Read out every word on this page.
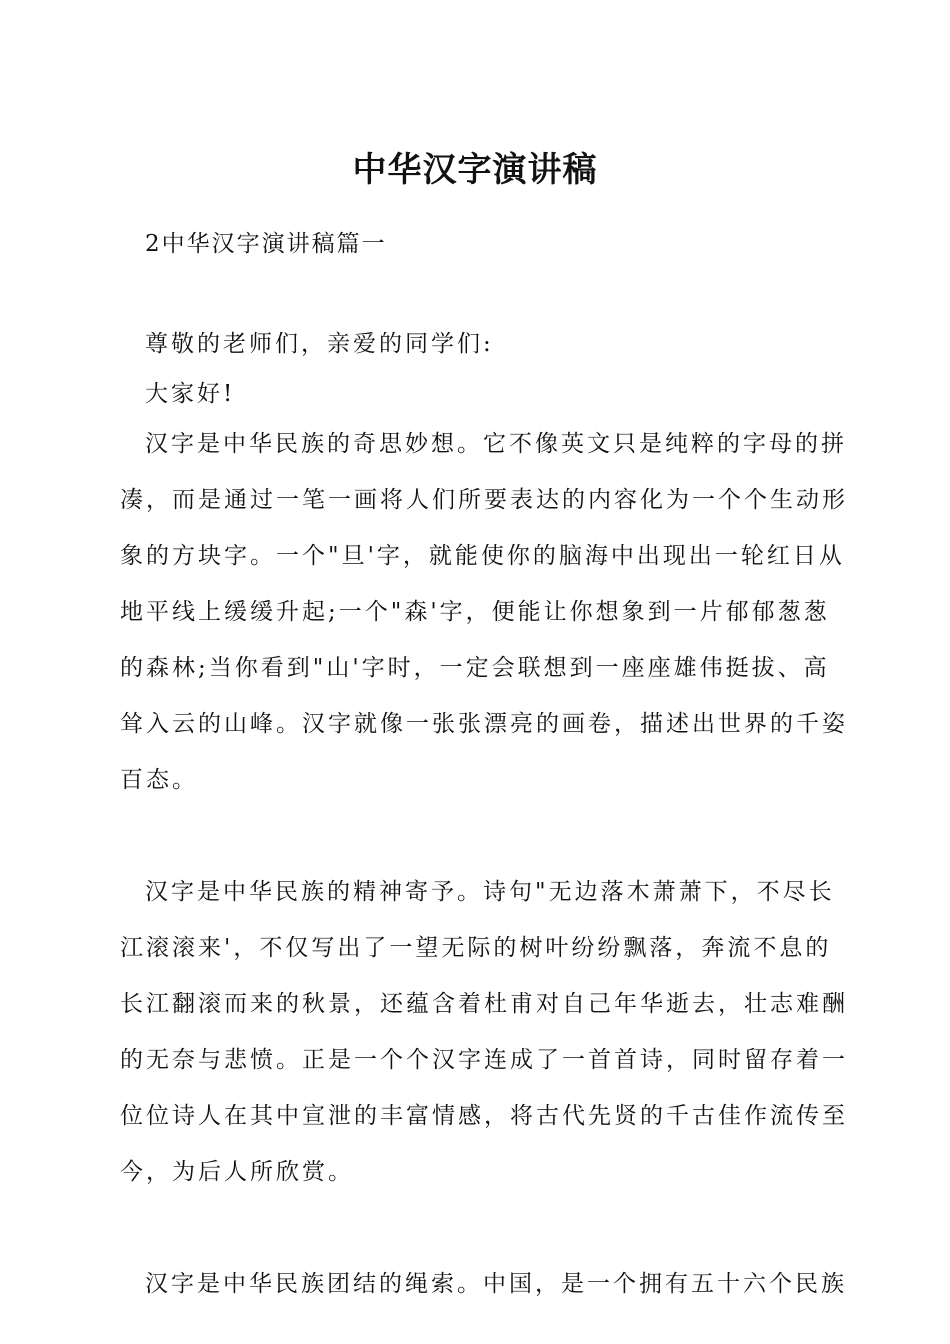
中华汉字演讲稿

2中华汉字演讲稿篇一

尊敬的老师们，亲爱的同学们:

大家好!

汉字是中华民族的奇思妙想。它不像英文只是纯粹的字母的拼

凑，而是通过一笔一画将人们所要表达的内容化为一个个生动形

象的方块字。一个"旦'字，就能使你的脑海中出现出一轮红日从

地平线上缓缓升起;一个"森'字，便能让你想象到一片郁郁葱葱

的森林;当你看到"山'字时，一定会联想到一座座雄伟挺拔、高

耸入云的山峰。汉字就像一张张漂亮的画卷，描述出世界的千姿

百态。

汉字是中华民族的精神寄予。诗句"无边落木萧萧下，不尽长

江滚滚来'，不仅写出了一望无际的树叶纷纷飘落，奔流不息的

长江翻滚而来的秋景，还蕴含着杜甫对自己年华逝去，壮志难酬

的无奈与悲愤。正是一个个汉字连成了一首首诗，同时留存着一

位位诗人在其中宣泄的丰富情感，将古代先贤的千古佳作流传至

今，为后人所欣赏。

汉字是中华民族团结的绳索。中国，是一个拥有五十六个民族
